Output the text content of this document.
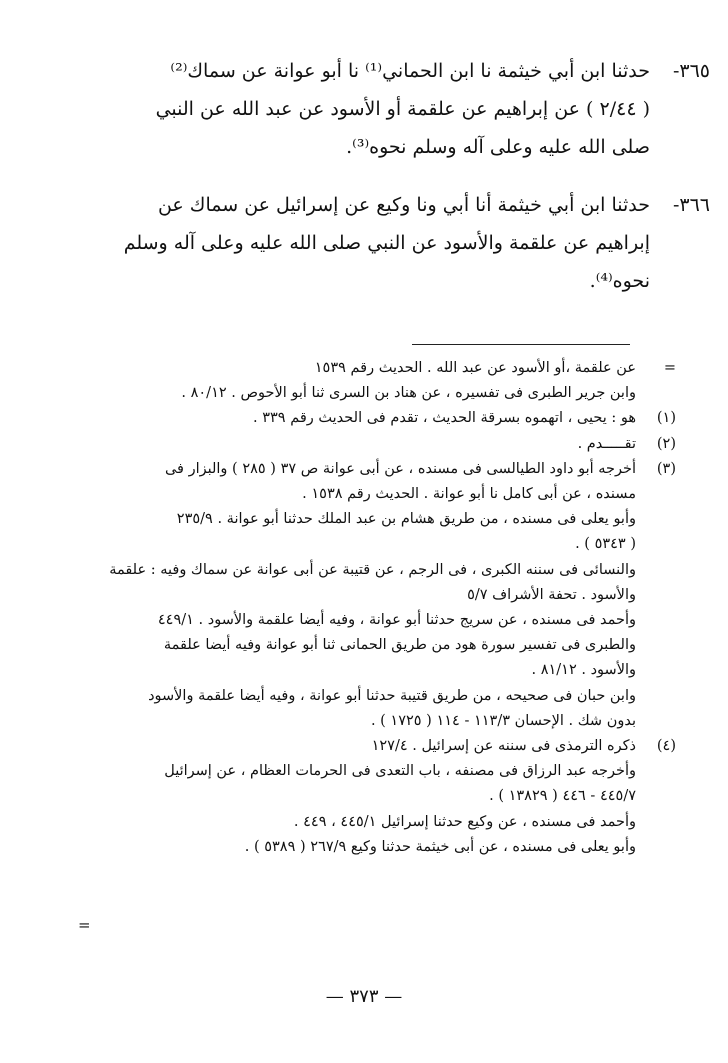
٣٦٥-
حدثنا ابن أبي خيثمة نا ابن الحماني⁽¹⁾ نا أبو عوانة عن سماك⁽²⁾
( ٢/٤٤ ) عن إبراهيم عن علقمة أو الأسود عن عبد الله عن النبي
صلى الله عليه وعلى آله وسلم نحوه⁽³⁾.
٣٦٦-
حدثنا ابن أبي خيثمة أنا أبي ونا وكيع عن إسرائيل عن سماك عن
إبراهيم عن علقمة والأسود عن النبي صلى الله عليه وعلى آله وسلم
نحوه⁽⁴⁾.
=
عن علقمة ،أو الأسود عن عبد الله . الحديث رقم ١٥٣٩
وابن جرير الطبرى فى تفسيره ، عن هناد بن السرى ثنا أبو الأحوص . ٨٠/١٢ .
(١)
هو : يحيى ، اتهموه بسرقة الحديث ، تقدم فى الحديث رقم ٣٣٩ .
(٢)
تقـــــدم .
(٣)
أخرجه أبو داود الطيالسى فى مسنده ، عن أبى عوانة ص ٣٧ ( ٢٨٥ ) والبزار فى
مسنده ، عن أبى كامل نا أبو عوانة . الحديث رقم ١٥٣٨ .
وأبو يعلى فى مسنده ، من طريق هشام بن عبد الملك حدثنا أبو عوانة . ٢٣٥/٩
( ٥٣٤٣ ) .
والنسائى فى سننه الكبرى ، فى الرجم ، عن قتيبة عن أبى عوانة عن سماك وفيه : علقمة
والأسود . تحفة الأشراف ٥/٧
وأحمد فى مسنده ، عن سريج حدثنا أبو عوانة ، وفيه أيضا علقمة والأسود . ٤٤٩/١
والطبرى فى تفسير سورة هود من طريق الحمانى ثنا أبو عوانة وفيه أيضا علقمة
والأسود . ٨١/١٢ .
وابن حبان فى صحيحه ، من طريق قتيبة حدثنا أبو عوانة ، وفيه أيضا علقمة والأسود
بدون شك . الإحسان ١١٣/٣ - ١١٤ ( ١٧٢٥ ) .
(٤)
ذكره الترمذى فى سننه عن إسرائيل . ١٢٧/٤
وأخرجه عبد الرزاق فى مصنفه ، باب التعدى فى الحرمات العظام ، عن إسرائيل
٤٤٥/٧ - ٤٤٦ ( ١٣٨٢٩ ) .
وأحمد فى مسنده ، عن وكيع حدثنا إسرائيل ٤٤٥/١ ، ٤٤٩ .
وأبو يعلى فى مسنده ، عن أبى خيثمة حدثنا وكيع ٢٦٧/٩ ( ٥٣٨٩ ) .
=
— ٣٧٣ —
